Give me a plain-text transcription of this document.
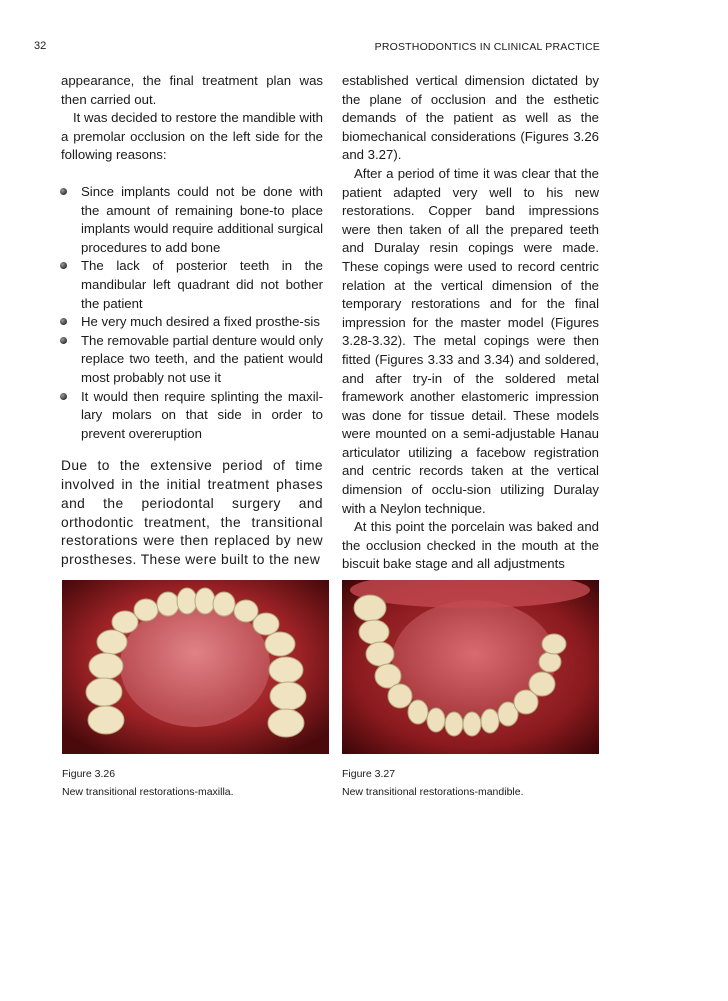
32	PROSTHODONTICS IN CLINICAL PRACTICE

appearance, the final treatment plan was then carried out.

It was decided to restore the mandible with a premolar occlusion on the left side for the following reasons:

Since implants could not be done with the amount of remaining bone-to place implants would require additional surgical procedures to add bone
The lack of posterior teeth in the mandibular left quadrant did not bother the patient
He very much desired a fixed prosthe-sis
The removable partial denture would only replace two teeth, and the patient would most probably not use it
It would then require splinting the maxil-lary molars on that side in order to prevent overeruption

Due to the extensive period of time involved in the initial treatment phases and the periodontal surgery and orthodontic treatment, the transitional restorations were then replaced by new prostheses. These were built to the new

established vertical dimension dictated by the plane of occlusion and the esthetic demands of the patient as well as the biomechanical considerations (Figures 3.26 and 3.27).

After a period of time it was clear that the patient adapted very well to his new restorations. Copper band impressions were then taken of all the prepared teeth and Duralay resin copings were made. These copings were used to record centric relation at the vertical dimension of the temporary restorations and for the final impression for the master model (Figures 3.28-3.32). The metal copings were then fitted (Figures 3.33 and 3.34) and soldered, and after try-in of the soldered metal framework another elastomeric impression was done for tissue detail. These models were mounted on a semi-adjustable Hanau articulator utilizing a facebow registration and centric records taken at the vertical dimension of occlu-sion utilizing Duralay with a Neylon technique.

At this point the porcelain was baked and the occlusion checked in the mouth at the biscuit bake stage and all adjustments

Figure 3.26
New transitional restorations-maxilla.
Figure 3.27
New transitional restorations-mandible.
